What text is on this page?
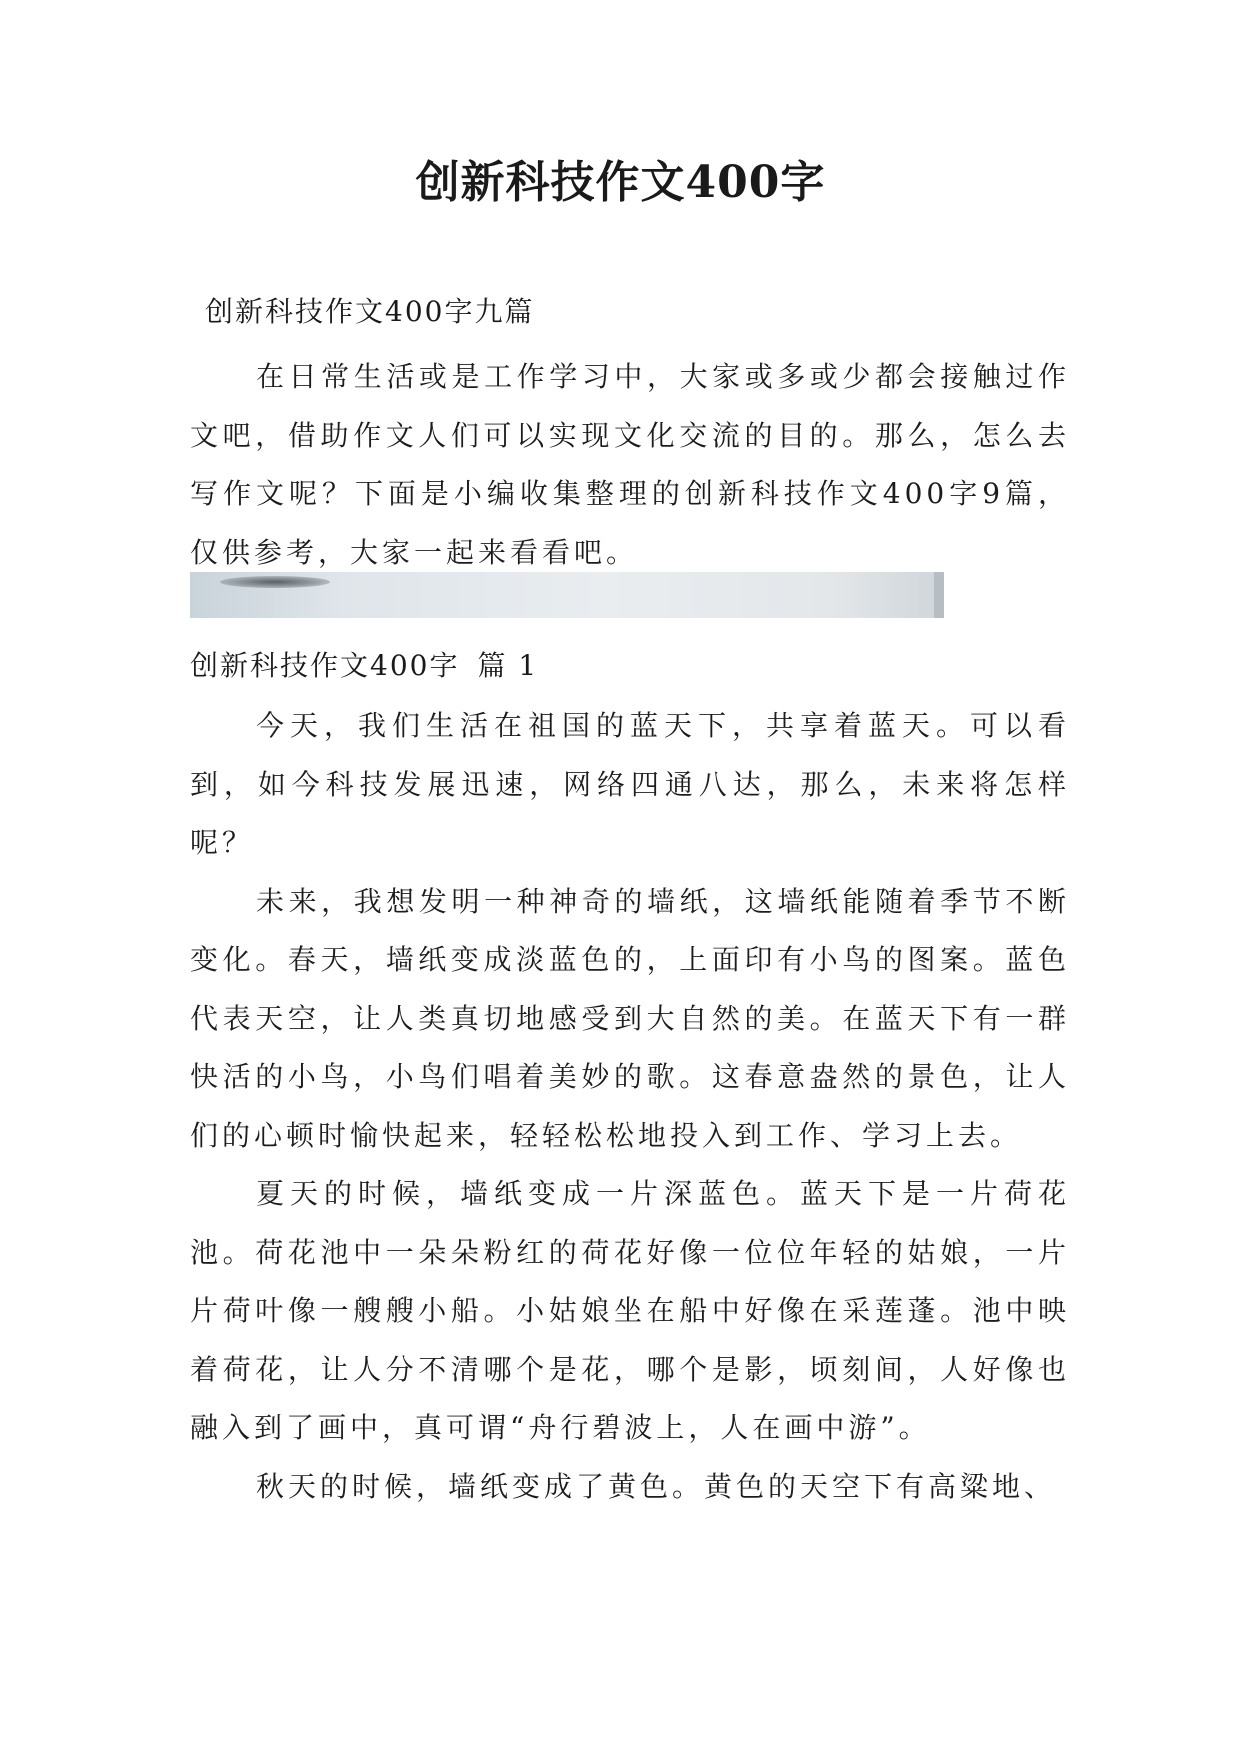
创新科技作文400字

创新科技作文400字九篇

在日常生活或是工作学习中，大家或多或少都会接触过作文吧，借助作文人们可以实现文化交流的目的。那么，怎么去写作文呢？下面是小编收集整理的创新科技作文400字9篇，仅供参考，大家一起来看看吧。

创新科技作文400字 篇 1

今天，我们生活在祖国的蓝天下，共享着蓝天。可以看到，如今科技发展迅速，网络四通八达，那么，未来将怎样呢？

未来，我想发明一种神奇的墙纸，这墙纸能随着季节不断变化。春天，墙纸变成淡蓝色的，上面印有小鸟的图案。蓝色代表天空，让人类真切地感受到大自然的美。在蓝天下有一群快活的小鸟，小鸟们唱着美妙的歌。这春意盎然的景色，让人们的心顿时愉快起来，轻轻松松地投入到工作、学习上去。

夏天的时候，墙纸变成一片深蓝色。蓝天下是一片荷花池。荷花池中一朵朵粉红的荷花好像一位位年轻的姑娘，一片片荷叶像一艘艘小船。小姑娘坐在船中好像在采莲蓬。池中映着荷花，让人分不清哪个是花，哪个是影，顷刻间，人好像也融入到了画中，真可谓“舟行碧波上，人在画中游”。

秋天的时候，墙纸变成了黄色。黄色的天空下有高粱地、
